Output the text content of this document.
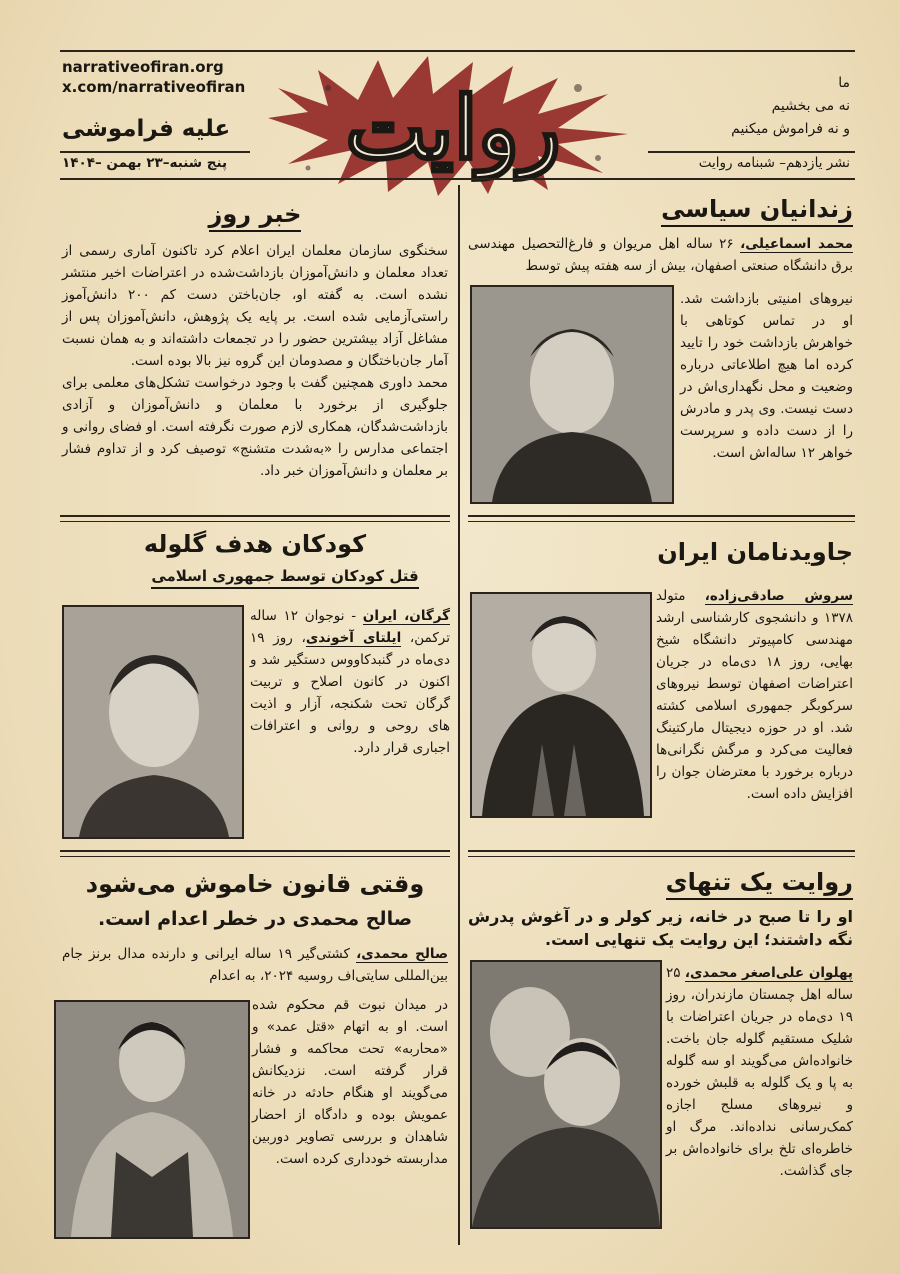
narrativeofiran.org
x.com/narrativeofiran
علیه فراموشی
پنج شنبه–۲۳ بهمن –۱۴۰۴ روایت	ما
نه می بخشیم
و نه فراموش میکنیم
نشر یازدهم– شبنامه روایت
خبر روز
سخنگوی سازمان معلمان ایران اعلام کرد تاکنون آماری رسمی از تعداد معلمان و دانش‌آموزان بازداشت‌شده در اعتراضات اخیر منتشر نشده است. به گفته او، جان‌باختن دست کم ۲۰۰ دانش‌آموز راستی‌آزمایی شده است. بر پایه یک پژوهش، دانش‌آموزان پس از مشاغل آزاد بیشترین حضور را در تجمعات داشته‌اند و به همان نسبت آمار جان‌باختگان و مصدومان این گروه نیز بالا بوده است.
محمد داوری همچنین گفت با وجود درخواست تشکل‌های معلمی برای جلوگیری از برخورد با معلمان و دانش‌آموزان و آزادی بازداشت‌شدگان، همکاری لازم صورت نگرفته است. او فضای روانی و اجتماعی مدارس را «به‌شدت متشنج» توصیف کرد و از تداوم فشار بر معلمان و دانش‌آموزان خبر داد.
زندانیان سیاسی
محمد اسماعیلی، ۲۶ ساله اهل مریوان و فارغ‌التحصیل مهندسی برق دانشگاه صنعتی اصفهان، بیش از سه هفته پیش توسط
نیروهای امنیتی بازداشت شد. او در تماس کوتاهی با خواهرش بازداشت خود را تایید کرده اما هیچ اطلاعاتی درباره وضعیت و محل نگهداری‌اش در دست نیست. وی پدر و مادرش را از دست داده و سرپرست خواهر ۱۲ ساله‌اش است.
کودکان هدف گلوله
قتل کودکان توسط جمهوری اسلامی
گرگان، ایران - نوجوان ۱۲ ساله ترکمن، ایلتای آخوندی، روز ۱۹ دی‌ماه در گنبدکاووس دستگیر شد و اکنون در کانون اصلاح و تربیت گرگان تحت شکنجه، آزار و اذیت های روحی و روانی و اعترافات اجباری قرار دارد.
جاویدنامان ایران
سروش صادقی‌زاده، متولد ۱۳۷۸ و دانشجوی کارشناسی ارشد مهندسی کامپیوتر دانشگاه شیخ بهایی، روز ۱۸ دی‌ماه در جریان اعتراضات اصفهان توسط نیروهای سرکوبگر جمهوری اسلامی کشته شد. او در حوزه دیجیتال مارکتینگ فعالیت می‌کرد و مرگش نگرانی‌ها درباره برخورد با معترضان جوان را افزایش داده است.
وقتی قانون خاموش می‌شود
صالح محمدی در خطر اعدام است.
صالح محمدی، کشتی‌گیر ۱۹ ساله ایرانی و دارنده مدال برنز جام بین‌المللی سایتی‌اف روسیه ۲۰۲۴، به اعدام
در میدان نبوت قم محکوم شده است. او به اتهام «قتل عمد» و «محاربه» تحت محاکمه و فشار قرار گرفته است. نزدیکانش می‌گویند او هنگام حادثه در خانه عمویش بوده و دادگاه از احضار شاهدان و بررسی تصاویر دوربین مداربسته خودداری کرده است.
روایت یک تنهای
او را تا صبح در خانه، زیر کولر و در آغوش پدرش نگه داشتند؛ این روایت یک تنهایی است.
پهلوان علی‌اصغر محمدی، ۲۵ ساله اهل چمستان مازندران، روز ۱۹ دی‌ماه در جریان اعتراضات با شلیک مستقیم گلوله جان باخت. خانواده‌اش می‌گویند او سه گلوله به پا و یک گلوله به قلبش خورده و نیروهای مسلح اجازه کمک‌رسانی نداده‌اند. مرگ او خاطره‌ای تلخ برای خانواده‌اش بر جای گذاشت.
